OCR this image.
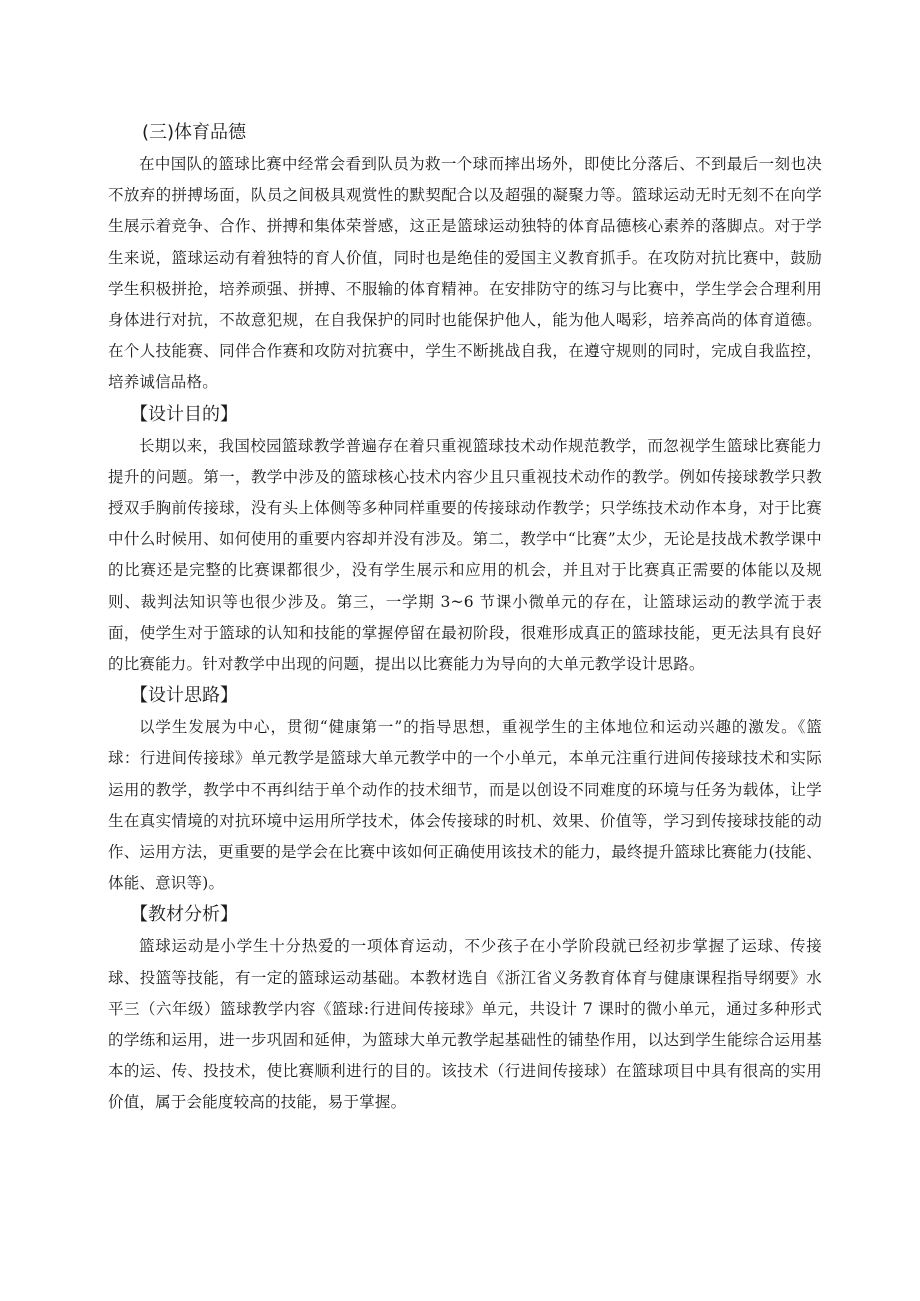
(三)体育品德

在中国队的篮球比赛中经常会看到队员为救一个球而摔出场外，即使比分落后、不到最后一刻也决不放弃的拼搏场面，队员之间极具观赏性的默契配合以及超强的凝聚力等。篮球运动无时无刻不在向学生展示着竞争、合作、拼搏和集体荣誉感，这正是篮球运动独特的体育品德核心素养的落脚点。对于学生来说，篮球运动有着独特的育人价值，同时也是绝佳的爱国主义教育抓手。在攻防对抗比赛中，鼓励学生积极拼抢，培养顽强、拼搏、不服输的体育精神。在安排防守的练习与比赛中，学生学会合理利用身体进行对抗，不故意犯规，在自我保护的同时也能保护他人，能为他人喝彩，培养高尚的体育道德。在个人技能赛、同伴合作赛和攻防对抗赛中，学生不断挑战自我，在遵守规则的同时，完成自我监控，培养诚信品格。

【设计目的】

长期以来，我国校园篮球教学普遍存在着只重视篮球技术动作规范教学，而忽视学生篮球比赛能力提升的问题。第一，教学中涉及的篮球核心技术内容少且只重视技术动作的教学。例如传接球教学只教授双手胸前传接球，没有头上体侧等多种同样重要的传接球动作教学；只学练技术动作本身，对于比赛中什么时候用、如何使用的重要内容却并没有涉及。第二，教学中“比赛”太少，无论是技战术教学课中的比赛还是完整的比赛课都很少，没有学生展示和应用的机会，并且对于比赛真正需要的体能以及规则、裁判法知识等也很少涉及。第三，一学期 3~6 节课小微单元的存在，让篮球运动的教学流于表面，使学生对于篮球的认知和技能的掌握停留在最初阶段，很难形成真正的篮球技能，更无法具有良好的比赛能力。针对教学中出现的问题，提出以比赛能力为导向的大单元教学设计思路。

【设计思路】

以学生发展为中心，贯彻“健康第一”的指导思想，重视学生的主体地位和运动兴趣的激发。《篮球：行进间传接球》单元教学是篮球大单元教学中的一个小单元，本单元注重行进间传接球技术和实际运用的教学，教学中不再纠结于单个动作的技术细节，而是以创设不同难度的环境与任务为载体，让学生在真实情境的对抗环境中运用所学技术，体会传接球的时机、效果、价值等，学习到传接球技能的动作、运用方法，更重要的是学会在比赛中该如何正确使用该技术的能力，最终提升篮球比赛能力(技能、体能、意识等)。

【教材分析】

篮球运动是小学生十分热爱的一项体育运动，不少孩子在小学阶段就已经初步掌握了运球、传接球、投篮等技能，有一定的篮球运动基础。本教材选自《浙江省义务教育体育与健康课程指导纲要》水平三（六年级）篮球教学内容《篮球:行进间传接球》单元，共设计 7 课时的微小单元，通过多种形式的学练和运用，进一步巩固和延伸，为篮球大单元教学起基础性的铺垫作用，以达到学生能综合运用基本的运、传、投技术，使比赛顺利进行的目的。该技术（行进间传接球）在篮球项目中具有很高的实用价值，属于会能度较高的技能，易于掌握。
